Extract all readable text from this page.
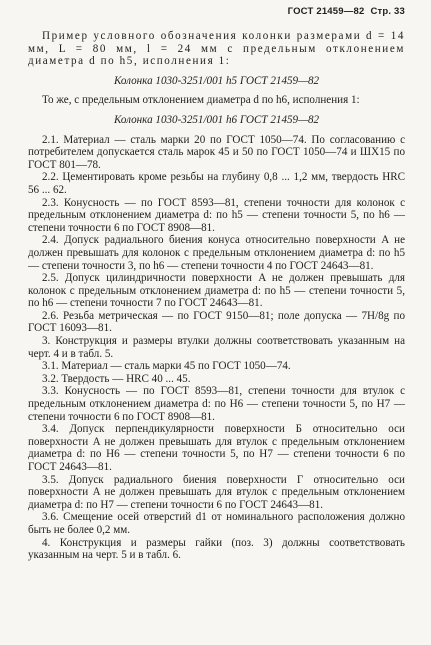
ГОСТ 21459—82 Стр. 33

Пример условного обозначения колонки размерами d = 14 мм, L = 80 мм, l = 24 мм с предельным отклонением диаметра d по h5, исполнения 1:

Колонка 1030-3251/001 h5 ГОСТ 21459—82

То же, с предельным отклонением диаметра d по h6, исполнения 1:

Колонка 1030-3251/001 h6 ГОСТ 21459—82

2.1. Материал — сталь марки 20 по ГОСТ 1050—74. По согласованию с потребителем допускается сталь марок 45 и 50 по ГОСТ 1050—74 и ШХ15 по ГОСТ 801—78.

2.2. Цементировать кроме резьбы на глубину 0,8 ... 1,2 мм, твердость HRC 56 ... 62.

2.3. Конусность — по ГОСТ 8593—81, степени точности для колонок с предельным отклонением диаметра d: по h5 — степени точности 5, по h6 — степени точности 6 по ГОСТ 8908—81.

2.4. Допуск радиального биения конуса относительно поверхности A не должен превышать для колонок с предельным отклонением диаметра d: по h5 — степени точности 3, по h6 — степени точности 4 по ГОСТ 24643—81.

2.5. Допуск цилиндричности поверхности A не должен превышать для колонок с предельным отклонением диаметра d: по h5 — степени точности 5, по h6 — степени точности 7 по ГОСТ 24643—81.

2.6. Резьба метрическая — по ГОСТ 9150—81; поле допуска — 7H/8g по ГОСТ 16093—81.

3. Конструкция и размеры втулки должны соответствовать указанным на черт. 4 и в табл. 5.

3.1. Материал — сталь марки 45 по ГОСТ 1050—74.

3.2. Твердость — HRC 40 ... 45.

3.3. Конусность — по ГОСТ 8593—81, степени точности для втулок с предельным отклонением диаметра d: по H6 — степени точности 5, по H7 — степени точности 6 по ГОСТ 8908—81.

3.4. Допуск перпендикулярности поверхности Б относительно оси поверхности A не должен превышать для втулок с предельным отклонением диаметра d: по H6 — степени точности 5, по H7 — степени точности 6 по ГОСТ 24643—81.

3.5. Допуск радиального биения поверхности Г относительно оси поверхности A не должен превышать для втулок с предельным отклонением диаметра d: по H7 — степени точности 6 по ГОСТ 24643—81.

3.6. Смещение осей отверстий d1 от номинального расположения должно быть не более 0,2 мм.

4. Конструкция и размеры гайки (поз. 3) должны соответствовать указанным на черт. 5 и в табл. 6.
